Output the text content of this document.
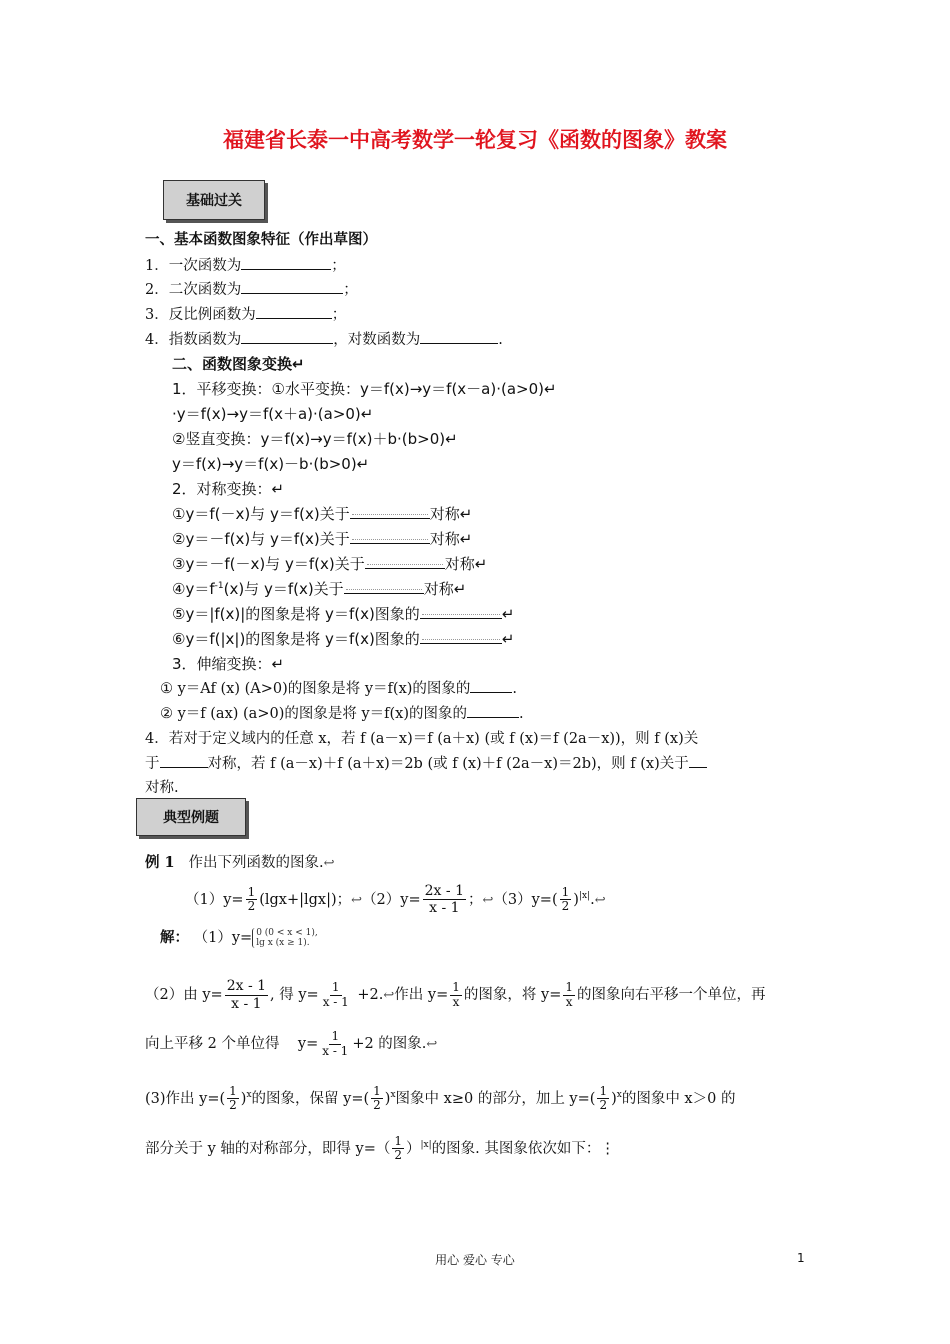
福建省长泰一中高考数学一轮复习《函数的图象》教案
基础过关
一、基本函数图象特征（作出草图）
1．一次函数为	；
2．二次函数为	；
3．反比例函数为	；
4．指数函数为	，对数函数为	.
二、函数图象变换↵
1．平移变换：①水平变换：y＝f(x)→y＝f(x－a)·(a>0)↵
·y＝f(x)→y＝f(x＋a)·(a>0)↵
②竖直变换：y＝f(x)→y＝f(x)＋b·(b>0)↵
y＝f(x)→y＝f(x)－b·(b>0)↵
2．对称变换：↵
①y＝f(－x)与 y＝f(x)关于	对称↵
②y＝－f(x)与 y＝f(x)关于	对称↵
③y＝－f(－x)与 y＝f(x)关于	对称↵
$④y=f^{-1}(x)$与 y＝f(x)关于	对称↵
⑤y＝|f(x)|的图象是将 y＝f(x)图象的	↵
⑥y＝f(|x|)的图象是将 y＝f(x)图象的	↵
3．伸缩变换：↵
① y＝Af (x) (A>0)的图象是将 y＝f(x)的图象的	.
② y＝f (ax) (a>0)的图象是将 y＝f(x)的图象的	.
4．若对于定义域内的任意 x，若 f (a－x)＝f (a＋x) (或 f (x)＝f (2a－x))，则 f (x)关
于	对称，若 f (a－x)＋f (a＋x)＝2b (或 f (x)＋f (2a－x)＝2b)，则 f (x)关于
对称.
典型例题
例 1 作出下列函数的图象.↩
$(1)y= \frac{1}{2} (\lg x+|\lg x|)$；↩（2）y= $\frac{2x - 1}{x - 1}$ ；↩（3）y=( $\frac{1}{2}$ )$^{|x|}$.↩
解： （1）y= 0 (0 < x < 1),
lg x (x ≥ 1).
（2）由 $y= \frac{2x - 1}{x - 1}$ , 得 $y= \frac{1}{x - 1}$ +2.↩作出 $y= \frac{1}{x}$ 的图象，将 $y= \frac{1}{x}$ 的图象向右平移一个单位，再
向上平移 2 个单位得 $y= \frac{1}{x - 1} +2$ 的图象.↩
(3)作出 $y=( \frac{1}{2} )^x$的图象，保留 $y=( \frac{1}{2} )^x$图象中 x≥0 的部分，加上 $y=( \frac{1}{2} )^x$的图象中 x＞0 的
部分关于 y 轴的对称部分，即得 $y=( \frac{1}{2} )^{|x|}$的图象. 其图象依次如下：⋮
用心 爱心 专心	1
